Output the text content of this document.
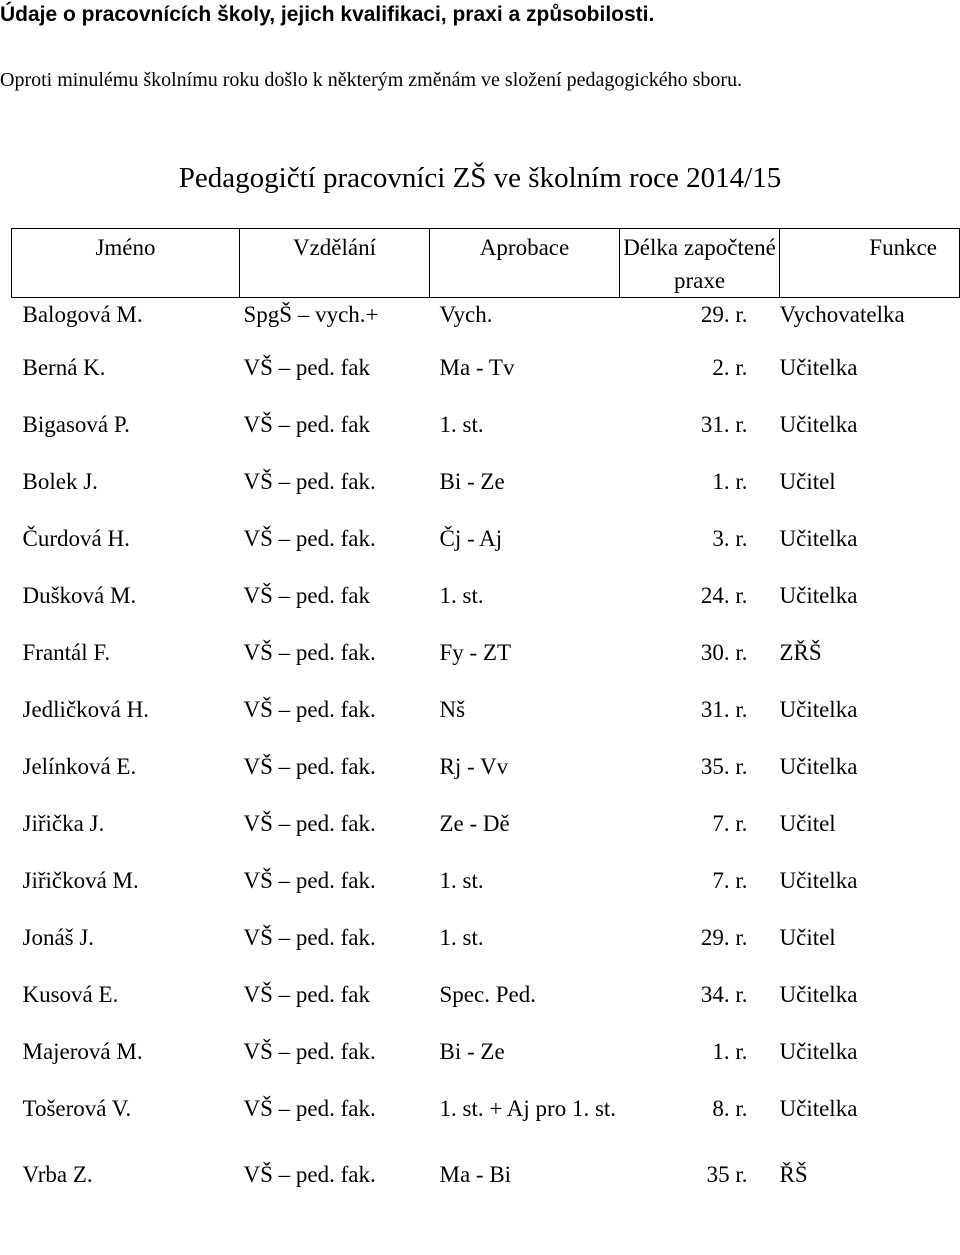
Údaje o pracovnících školy, jejich kvalifikaci, praxi a způsobilosti.
Oproti minulému školnímu roku došlo k některým změnám ve složení pedagogického sboru.
Pedagogičtí pracovníci ZŠ ve školním roce 2014/15
Jméno	Vzdělání	Aprobace	Délka započtené praxe	Funkce
Balogová M.	SpgŠ – vych.+	Vych.	29. r.	Vychovatelka
Berná K.	VŠ – ped. fak	Ma - Tv	2. r.	Učitelka
Bigasová P.	VŠ – ped. fak	1. st.	31. r.	Učitelka
Bolek J.	VŠ – ped. fak.	Bi - Ze	1. r.	Učitel
Čurdová H.	VŠ – ped. fak.	Čj - Aj	3. r.	Učitelka
Dušková M.	VŠ – ped. fak	1. st.	24. r.	Učitelka
Frantál F.	VŠ – ped. fak.	Fy - ZT	30. r.	ZŘŠ
Jedličková H.	VŠ – ped. fak.	Nš	31. r.	Učitelka
Jelínková E.	VŠ – ped. fak.	Rj - Vv	35. r.	Učitelka
Jiřička J.	VŠ – ped. fak.	Ze - Dě	7. r.	Učitel
Jiřičková M.	VŠ – ped. fak.	1. st.	7. r.	Učitelka
Jonáš J.	VŠ – ped. fak.	1. st.	29. r.	Učitel
Kusová E.	VŠ – ped. fak	Spec. Ped.	34. r.	Učitelka
Majerová M.	VŠ – ped. fak.	Bi - Ze	1. r.	Učitelka
Tošerová V.	VŠ – ped. fak.	1. st. + Aj pro 1. st.	8. r.	Učitelka
Vrba Z.	VŠ – ped. fak.	Ma - Bi	35 r.	ŘŠ
